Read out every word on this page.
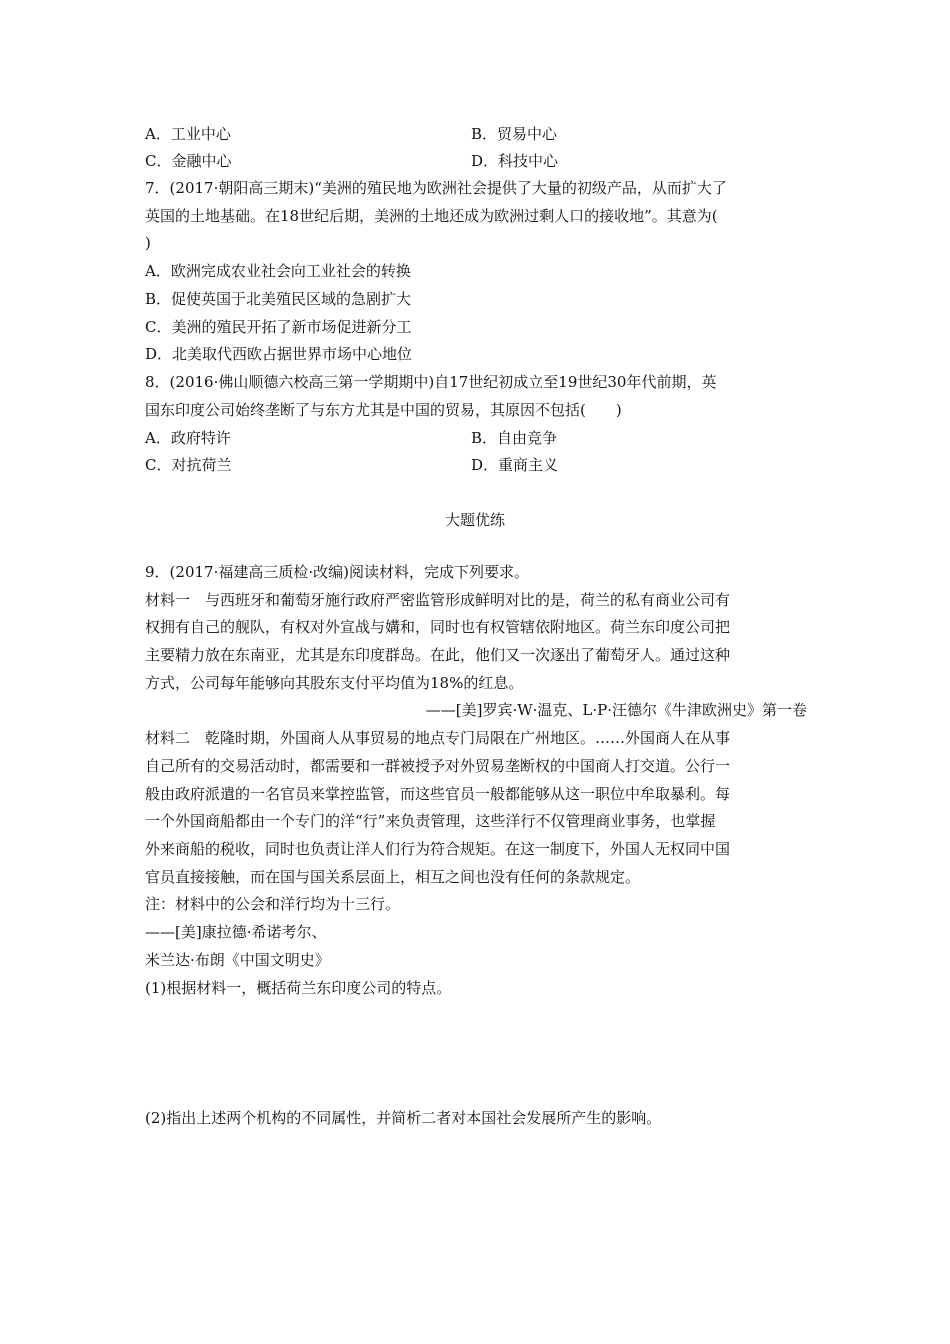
A．工业中心	B．贸易中心
C．金融中心	D．科技中心
7．(2017·朝阳高三期末)“美洲的殖民地为欧洲社会提供了大量的初级产品，从而扩大了
英国的土地基础。在18世纪后期，美洲的土地还成为欧洲过剩人口的接收地”。其意为(
)
A．欧洲完成农业社会向工业社会的转换
B．促使英国于北美殖民区域的急剧扩大
C．美洲的殖民开拓了新市场促进新分工
D．北美取代西欧占据世界市场中心地位
8．(2016·佛山顺德六校高三第一学期期中)自17世纪初成立至19世纪30年代前期，英
国东印度公司始终垄断了与东方尤其是中国的贸易，其原因不包括(　　)
A．政府特许	B．自由竞争
C．对抗荷兰	D．重商主义
大题优练
9．(2017·福建高三质检·改编)阅读材料，完成下列要求。
材料一　与西班牙和葡萄牙施行政府严密监管形成鲜明对比的是，荷兰的私有商业公司有
权拥有自己的舰队，有权对外宣战与媾和，同时也有权管辖依附地区。荷兰东印度公司把
主要精力放在东南亚，尤其是东印度群岛。在此，他们又一次逐出了葡萄牙人。通过这种
方式，公司每年能够向其股东支付平均值为18%的红息。
——[美]罗宾·W·温克、L·P·汪德尔《牛津欧洲史》第一卷
材料二　乾隆时期，外国商人从事贸易的地点专门局限在广州地区。……外国商人在从事
自己所有的交易活动时，都需要和一群被授予对外贸易垄断权的中国商人打交道。公行一
般由政府派遣的一名官员来掌控监管，而这些官员一般都能够从这一职位中牟取暴利。每
一个外国商船都由一个专门的洋“行”来负责管理，这些洋行不仅管理商业事务，也掌握
外来商船的税收，同时也负责让洋人们行为符合规矩。在这一制度下，外国人无权同中国
官员直接接触，而在国与国关系层面上，相互之间也没有任何的条款规定。
注：材料中的公会和洋行均为十三行。
——[美]康拉德·希诺考尔、
米兰达·布朗《中国文明史》
(1)根据材料一，概括荷兰东印度公司的特点。
(2)指出上述两个机构的不同属性，并简析二者对本国社会发展所产生的影响。
